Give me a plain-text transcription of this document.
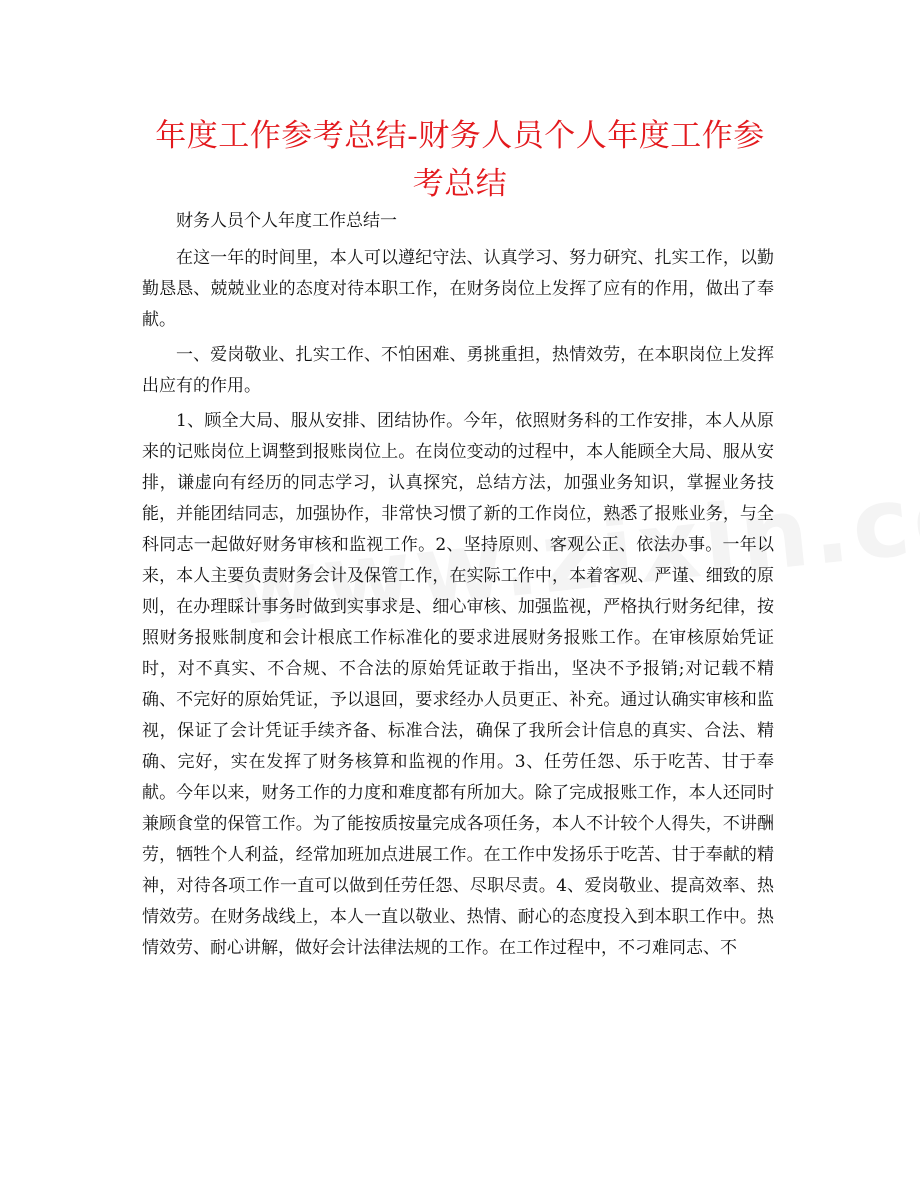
年度工作参考总结-财务人员个人年度工作参考总结

财务人员个人年度工作总结一

在这一年的时间里，本人可以遵纪守法、认真学习、努力研究、扎实工作，以勤勤恳恳、兢兢业业的态度对待本职工作，在财务岗位上发挥了应有的作用，做出了奉献。

一、爱岗敬业、扎实工作、不怕困难、勇挑重担，热情效劳，在本职岗位上发挥出应有的作用。

1、顾全大局、服从安排、团结协作。今年，依照财务科的工作安排，本人从原来的记账岗位上调整到报账岗位上。在岗位变动的过程中，本人能顾全大局、服从安排，谦虚向有经历的同志学习，认真探究，总结方法，加强业务知识，掌握业务技能，并能团结同志，加强协作，非常快习惯了新的工作岗位，熟悉了报账业务，与全科同志一起做好财务审核和监视工作。2、坚持原则、客观公正、依法办事。一年以来，本人主要负责财务会计及保管工作，在实际工作中，本着客观、严谨、细致的原则，在办理睬计事务时做到实事求是、细心审核、加强监视，严格执行财务纪律，按照财务报账制度和会计根底工作标准化的要求进展财务报账工作。在审核原始凭证时，对不真实、不合规、不合法的原始凭证敢于指出，坚决不予报销;对记载不精确、不完好的原始凭证，予以退回，要求经办人员更正、补充。通过认确实审核和监视，保证了会计凭证手续齐备、标准合法，确保了我所会计信息的真实、合法、精确、完好，实在发挥了财务核算和监视的作用。3、任劳任怨、乐于吃苦、甘于奉献。今年以来，财务工作的力度和难度都有所加大。除了完成报账工作，本人还同时兼顾食堂的保管工作。为了能按质按量完成各项任务，本人不计较个人得失，不讲酬劳，牺牲个人利益，经常加班加点进展工作。在工作中发扬乐于吃苦、甘于奉献的精神，对待各项工作一直可以做到任劳任怨、尽职尽责。4、爱岗敬业、提高效率、热情效劳。在财务战线上，本人一直以敬业、热情、耐心的态度投入到本职工作中。热情效劳、耐心讲解，做好会计法律法规的工作。在工作过程中，不刁难同志、不
